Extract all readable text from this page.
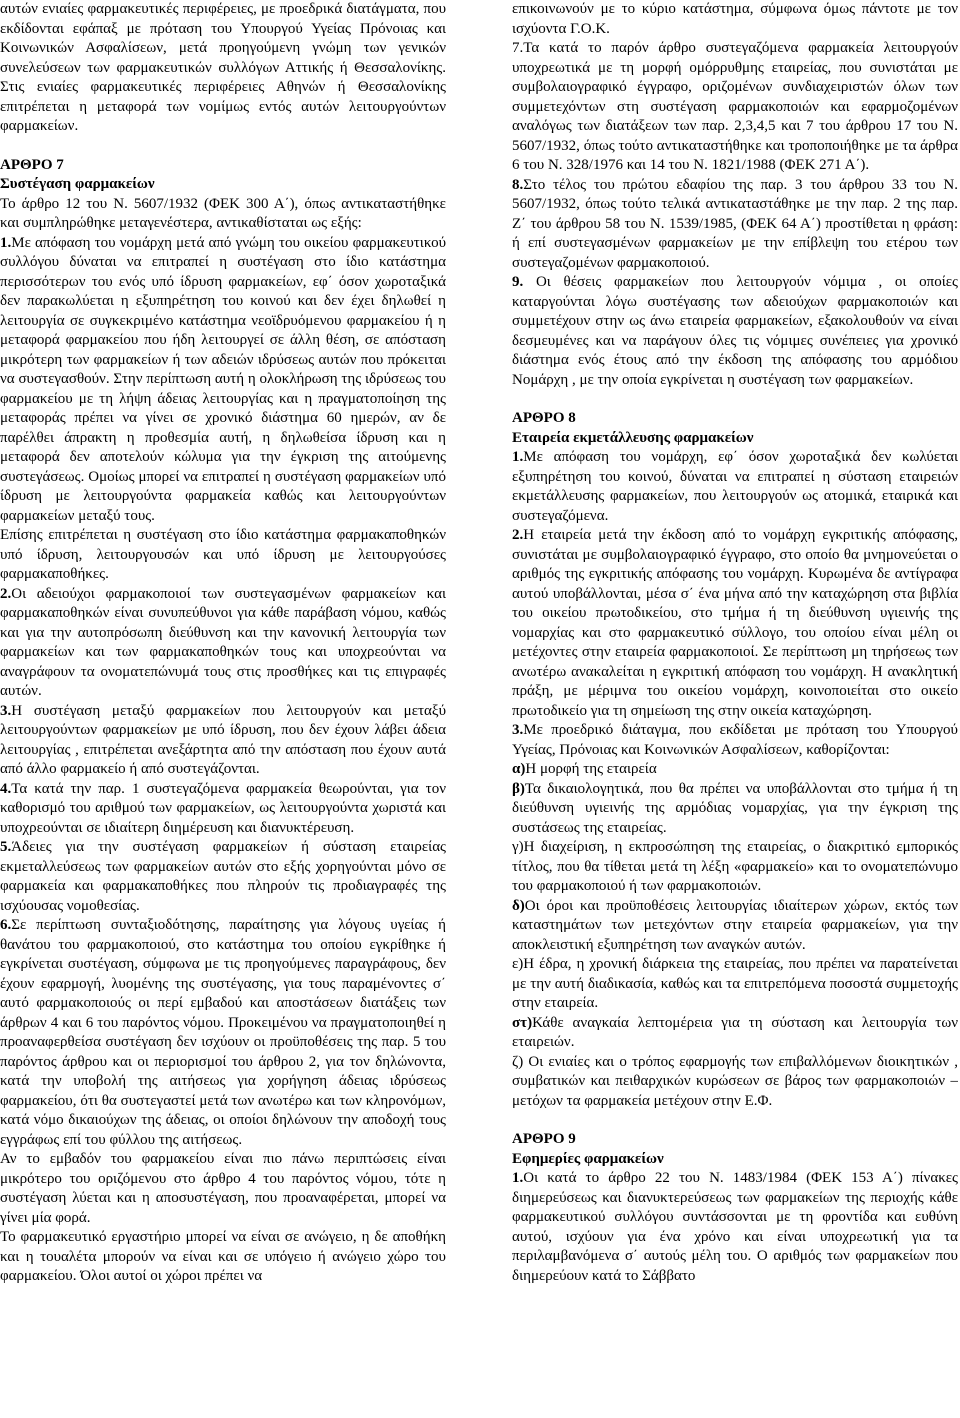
αυτών ενιαίες φαρμακευτικές περιφέρειες, με προεδρικά διατάγματα, που εκδίδονται εφάπαξ με πρόταση του Υπουργού Υγείας Πρόνοιας και Κοινωνικών Ασφαλίσεων, μετά προηγούμενη γνώμη των γενικών συνελεύσεων των φαρμακευτικών συλλόγων Αττικής ή Θεσσαλονίκης. Στις ενιαίες φαρμακευτικές περιφέρειες Αθηνών ή Θεσσαλονίκης επιτρέπεται η μεταφορά των νομίμως εντός αυτών λειτουργούντων φαρμακείων.

ΑΡΘΡΟ 7

Συστέγαση φαρμακείων

Το άρθρο 12 του Ν. 5607/1932 (ΦΕΚ 300 Α΄), όπως αντικαταστήθηκε και συμπληρώθηκε μεταγενέστερα, αντικαθίσταται ως εξής:

1.Με απόφαση του νομάρχη μετά από γνώμη του οικείου φαρμακευτικού συλλόγου δύναται να επιτραπεί η συστέγαση στο ίδιο κατάστημα περισσότερων του ενός υπό ίδρυση φαρμακείων, εφ΄ όσον χωροταξικά δεν παρακωλύεται η εξυπηρέτηση του κοινού και δεν έχει δηλωθεί η λειτουργία σε συγκεκριμένο κατάστημα νεοϊδρυόμενου φαρμακείου ή η μεταφορά φαρμακείου που ήδη λειτουργεί σε άλλη θέση, σε απόσταση μικρότερη των φαρμακείων ή των αδειών ιδρύσεως αυτών που πρόκειται να συστεγασθούν. Στην περίπτωση αυτή η ολοκλήρωση της ιδρύσεως του φαρμακείου με τη λήψη άδειας λειτουργίας και η πραγματοποίηση της μεταφοράς πρέπει να γίνει σε χρονικό διάστημα 60 ημερών, αν δε παρέλθει άπρακτη η προθεσμία αυτή, η δηλωθείσα ίδρυση και η μεταφορά δεν αποτελούν κώλυμα για την έγκριση της αιτούμενης συστεγάσεως. Ομοίως μπορεί να επιτραπεί η συστέγαση φαρμακείων υπό ίδρυση με λειτουργούντα φαρμακεία καθώς και λειτουργούντων φαρμακείων μεταξύ τους.

Επίσης επιτρέπεται η συστέγαση στο ίδιο κατάστημα φαρμακαποθηκών υπό ίδρυση, λειτουργουσών και υπό ίδρυση με λειτουργούσες φαρμακαποθήκες.

2.Οι αδειούχοι φαρμακοποιοί των συστεγασμένων φαρμακείων και φαρμακαποθηκών είναι συνυπεύθυνοι για κάθε παράβαση νόμου, καθώς και για την αυτοπρόσωπη διεύθυνση και την κανονική λειτουργία των φαρμακείων και των φαρμακαποθηκών τους και υποχρεούνται να αναγράφουν τα ονοματεπώνυμά τους στις προσθήκες και τις επιγραφές αυτών.

3.Η συστέγαση μεταξύ φαρμακείων που λειτουργούν και μεταξύ λειτουργούντων φαρμακείων με υπό ίδρυση, που δεν έχουν λάβει άδεια λειτουργίας , επιτρέπεται ανεξάρτητα από την απόσταση που έχουν αυτά από άλλο φαρμακείο ή από συστεγάζονται.

4.Τα κατά την παρ. 1 συστεγαζόμενα φαρμακεία θεωρούνται, για τον καθορισμό του αριθμού των φαρμακείων, ως λειτουργούντα χωριστά και υποχρεούνται σε ιδιαίτερη διημέρευση και διανυκτέρευση.

5.Άδειες για την συστέγαση φαρμακείων ή σύσταση εταιρείας εκμεταλλεύσεως των φαρμακείων αυτών στο εξής χορηγούνται μόνο σε φαρμακεία και φαρμακαποθήκες που πληρούν τις προδιαγραφές της ισχύουσας νομοθεσίας.

6.Σε περίπτωση συνταξιοδότησης, παραίτησης για λόγους υγείας ή θανάτου του φαρμακοποιού, στο κατάστημα του οποίου εγκρίθηκε ή εγκρίνεται συστέγαση, σύμφωνα με τις προηγούμενες παραγράφους, δεν έχουν εφαρμογή, λυομένης της συστέγασης, για τους παραμένοντες σ΄ αυτό φαρμακοποιούς οι περί εμβαδού και αποστάσεων διατάξεις των άρθρων 4 και 6 του παρόντος νόμου. Προκειμένου να πραγματοποιηθεί η προαναφερθείσα συστέγαση δεν ισχύουν οι προϋποθέσεις της παρ. 5 του παρόντος άρθρου και οι περιορισμοί του άρθρου 2, για τον δηλώνοντα, κατά την υποβολή της αιτήσεως για χορήγηση άδειας ιδρύσεως φαρμακείου, ότι θα συστεγαστεί μετά των ανωτέρω και των κληρονόμων, κατά νόμο δικαιούχων της άδειας, οι οποίοι δηλώνουν την αποδοχή τους εγγράφως επί του φύλλου της αιτήσεως.

Αν το εμβαδόν του φαρμακείου είναι πιο πάνω περιπτώσεις είναι μικρότερο του οριζόμενου στο άρθρο 4 του παρόντος νόμου, τότε η συστέγαση λύεται και η αποσυστέγαση, που προαναφέρεται, μπορεί να γίνει μία φορά.

Το φαρμακευτικό εργαστήριο μπορεί να είναι σε ανώγειο, η δε αποθήκη και η τουαλέτα μπορούν να είναι και σε υπόγειο ή ανώγειο χώρο του φαρμακείου. Όλοι αυτοί οι χώροι πρέπει να

επικοινωνούν με το κύριο κατάστημα, σύμφωνα όμως πάντοτε με τον ισχύοντα Γ.Ο.Κ.

7.Τα κατά το παρόν άρθρο συστεγαζόμενα φαρμακεία λειτουργούν υποχρεωτικά με τη μορφή ομόρρυθμης εταιρείας, που συνιστάται με συμβολαιογραφικό έγγραφο, οριζομένων συνδιαχειριστών όλων των συμμετεχόντων στη συστέγαση φαρμακοποιών και εφαρμοζομένων αναλόγως των διατάξεων των παρ. 2,3,4,5 και 7 του άρθρου 17 του Ν. 5607/1932, όπως τούτο αντικαταστήθηκε και τροποποιήθηκε με τα άρθρα 6 του Ν. 328/1976 και 14 του Ν. 1821/1988 (ΦΕΚ 271 Α΄).

8.Στο τέλος του πρώτου εδαφίου της παρ. 3 του άρθρου 33 του Ν. 5607/1932, όπως τούτο τελικά αντικαταστάθηκε με την παρ. 2 της παρ. Ζ΄ του άρθρου 58 του Ν. 1539/1985, (ΦΕΚ 64 Α΄) προστίθεται η φράση: ή επί συστεγασμένων φαρμακείων με την επίβλεψη του ετέρου των συστεγαζομένων φαρμακοποιού.

9. Οι θέσεις φαρμακείων που λειτουργούν νόμιμα , οι οποίες καταργούνται λόγω συστέγασης των αδειούχων φαρμακοποιών και συμμετέχουν στην ως άνω εταιρεία φαρμακείων, εξακολουθούν να είναι δεσμευμένες και να παράγουν όλες τις νόμιμες συνέπειες για χρονικό διάστημα ενός έτους από την έκδοση της απόφασης του αρμόδιου Νομάρχη , με την οποία εγκρίνεται η συστέγαση των φαρμακείων.

ΑΡΘΡΟ 8

Εταιρεία εκμετάλλευσης φαρμακείων

1.Με απόφαση του νομάρχη, εφ΄ όσον χωροταξικά δεν κωλύεται εξυπηρέτηση του κοινού, δύναται να επιτραπεί η σύσταση εταιρειών εκμετάλλευσης φαρμακείων, που λειτουργούν ως ατομικά, εταιρικά και συστεγαζόμενα.

2.Η εταιρεία μετά την έκδοση από το νομάρχη εγκριτικής απόφασης, συνιστάται με συμβολαιογραφικό έγγραφο, στο οποίο θα μνημονεύεται ο αριθμός της εγκριτικής απόφασης του νομάρχη. Κυρωμένα δε αντίγραφα αυτού υποβάλλονται, μέσα σ΄ ένα μήνα από την καταχώρηση στα βιβλία του οικείου πρωτοδικείου, στο τμήμα ή τη διεύθυνση υγιεινής της νομαρχίας και στο φαρμακευτικό σύλλογο, του οποίου είναι μέλη οι μετέχοντες στην εταιρεία φαρμακοποιοί. Σε περίπτωση μη τηρήσεως των ανωτέρω ανακαλείται η εγκριτική απόφαση του νομάρχη. Η ανακλητική πράξη, με μέριμνα του οικείου νομάρχη, κοινοποιείται στο οικείο πρωτοδικείο για τη σημείωση της στην οικεία καταχώρηση.

3.Με προεδρικό διάταγμα, που εκδίδεται με πρόταση του Υπουργού Υγείας, Πρόνοιας και Κοινωνικών Ασφαλίσεων, καθορίζονται:

α)Η μορφή της εταιρεία

β)Τα δικαιολογητικά, που θα πρέπει να υποβάλλονται στο τμήμα ή τη διεύθυνση υγιεινής της αρμόδιας νομαρχίας, για την έγκριση της συστάσεως της εταιρείας.

γ)Η διαχείριση, η εκπροσώπηση της εταιρείας, ο διακριτικό εμπορικός τίτλος, που θα τίθεται μετά τη λέξη «φαρμακείο» και το ονοματεπώνυμο του φαρμακοποιού ή των φαρμακοποιών.

δ)Οι όροι και προϋποθέσεις λειτουργίας ιδιαίτερων χώρων, εκτός των καταστημάτων των μετεχόντων στην εταιρεία φαρμακείων, για την αποκλειστική εξυπηρέτηση των αναγκών αυτών.

ε)Η έδρα, η χρονική διάρκεια της εταιρείας, που πρέπει να παρατείνεται με την αυτή διαδικασία, καθώς και τα επιτρεπόμενα ποσοστά συμμετοχής στην εταιρεία.

στ)Κάθε αναγκαία λεπτομέρεια για τη σύσταση και λειτουργία των εταιρειών.

ζ) Οι ενιαίες και ο τρόπος εφαρμογής των επιβαλλόμενων διοικητικών , συμβατικών και πειθαρχικών κυρώσεων σε βάρος των φαρμακοποιών – μετόχων τα φαρμακεία μετέχουν στην Ε.Φ.

ΑΡΘΡΟ 9

Εφημερίες φαρμακείων

1.Οι κατά το άρθρο 22 του Ν. 1483/1984 (ΦΕΚ 153 Α΄) πίνακες διημερεύσεως και διανυκτερεύσεως των φαρμακείων της περιοχής κάθε φαρμακευτικού συλλόγου συντάσσονται με τη φροντίδα και ευθύνη αυτού, ισχύουν για ένα χρόνο και είναι υποχρεωτική για τα περιλαμβανόμενα σ΄ αυτούς μέλη του. Ο αριθμός των φαρμακείων που διημερεύουν κατά το Σάββατο
